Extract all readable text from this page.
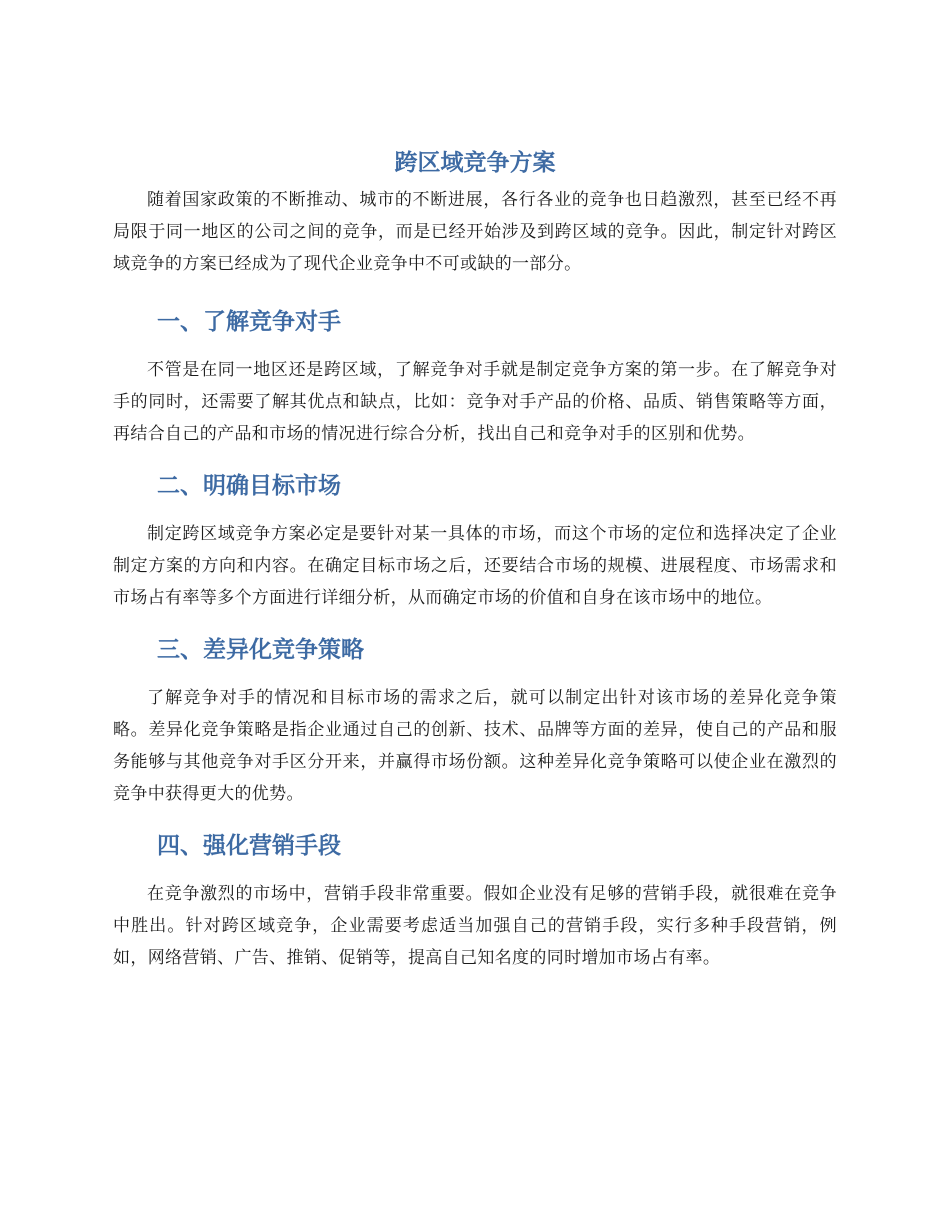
跨区域竞争方案

随着国家政策的不断推动、城市的不断进展，各行各业的竞争也日趋激烈，甚至已经不再局限于同一地区的公司之间的竞争，而是已经开始涉及到跨区域的竞争。因此，制定针对跨区域竞争的方案已经成为了现代企业竞争中不可或缺的一部分。

一、了解竞争对手

不管是在同一地区还是跨区域，了解竞争对手就是制定竞争方案的第一步。在了解竞争对手的同时，还需要了解其优点和缺点，比如：竞争对手产品的价格、品质、销售策略等方面，再结合自己的产品和市场的情况进行综合分析，找出自己和竞争对手的区别和优势。

二、明确目标市场

制定跨区域竞争方案必定是要针对某一具体的市场，而这个市场的定位和选择决定了企业制定方案的方向和内容。在确定目标市场之后，还要结合市场的规模、进展程度、市场需求和市场占有率等多个方面进行详细分析，从而确定市场的价值和自身在该市场中的地位。

三、差异化竞争策略

了解竞争对手的情况和目标市场的需求之后，就可以制定出针对该市场的差异化竞争策略。差异化竞争策略是指企业通过自己的创新、技术、品牌等方面的差异，使自己的产品和服务能够与其他竞争对手区分开来，并赢得市场份额。这种差异化竞争策略可以使企业在激烈的竞争中获得更大的优势。

四、强化营销手段

在竞争激烈的市场中，营销手段非常重要。假如企业没有足够的营销手段，就很难在竞争中胜出。针对跨区域竞争，企业需要考虑适当加强自己的营销手段，实行多种手段营销，例如，网络营销、广告、推销、促销等，提高自己知名度的同时增加市场占有率。
